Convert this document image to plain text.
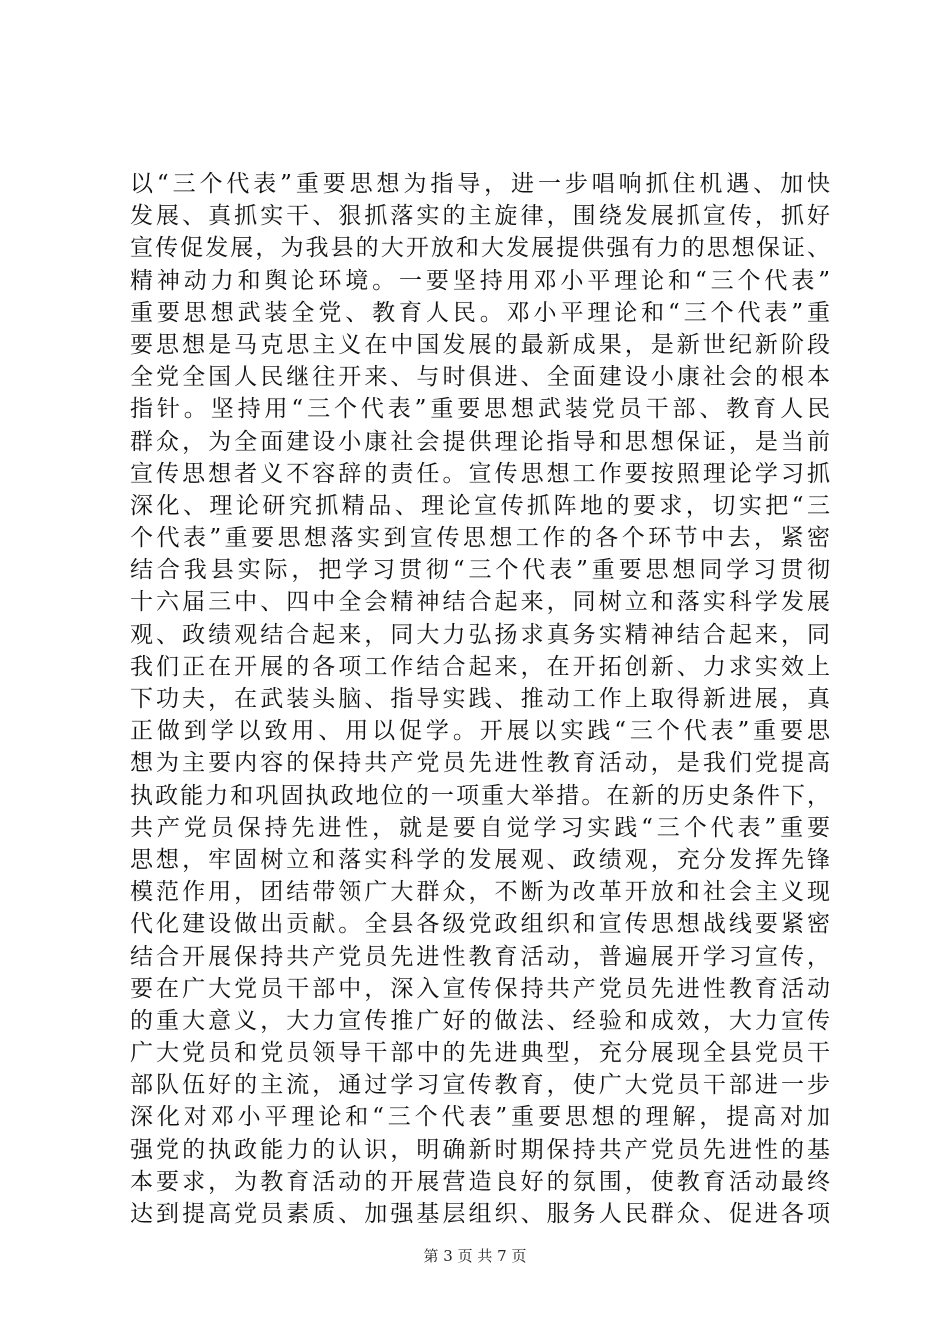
以“三个代表”重要思想为指导，进一步唱响抓住机遇、加快
发展、真抓实干、狠抓落实的主旋律，围绕发展抓宣传，抓好
宣传促发展，为我县的大开放和大发展提供强有力的思想保证、
精神动力和舆论环境。一要坚持用邓小平理论和“三个代表”
重要思想武装全党、教育人民。邓小平理论和“三个代表”重
要思想是马克思主义在中国发展的最新成果，是新世纪新阶段
全党全国人民继往开来、与时俱进、全面建设小康社会的根本
指针。坚持用“三个代表”重要思想武装党员干部、教育人民
群众，为全面建设小康社会提供理论指导和思想保证，是当前
宣传思想者义不容辞的责任。宣传思想工作要按照理论学习抓
深化、理论研究抓精品、理论宣传抓阵地的要求，切实把“三
个代表”重要思想落实到宣传思想工作的各个环节中去，紧密
结合我县实际，把学习贯彻“三个代表”重要思想同学习贯彻
十六届三中、四中全会精神结合起来，同树立和落实科学发展
观、政绩观结合起来，同大力弘扬求真务实精神结合起来，同
我们正在开展的各项工作结合起来，在开拓创新、力求实效上
下功夫，在武装头脑、指导实践、推动工作上取得新进展，真
正做到学以致用、用以促学。开展以实践“三个代表”重要思
想为主要内容的保持共产党员先进性教育活动，是我们党提高
执政能力和巩固执政地位的一项重大举措。在新的历史条件下，
共产党员保持先进性，就是要自觉学习实践“三个代表”重要
思想，牢固树立和落实科学的发展观、政绩观，充分发挥先锋
模范作用，团结带领广大群众，不断为改革开放和社会主义现
代化建设做出贡献。全县各级党政组织和宣传思想战线要紧密
结合开展保持共产党员先进性教育活动，普遍展开学习宣传，
要在广大党员干部中，深入宣传保持共产党员先进性教育活动
的重大意义，大力宣传推广好的做法、经验和成效，大力宣传
广大党员和党员领导干部中的先进典型，充分展现全县党员干
部队伍好的主流，通过学习宣传教育，使广大党员干部进一步
深化对邓小平理论和“三个代表”重要思想的理解，提高对加
强党的执政能力的认识，明确新时期保持共产党员先进性的基
本要求，为教育活动的开展营造良好的氛围，使教育活动最终
达到提高党员素质、加强基层组织、服务人民群众、促进各项
第 3 页 共 7 页
